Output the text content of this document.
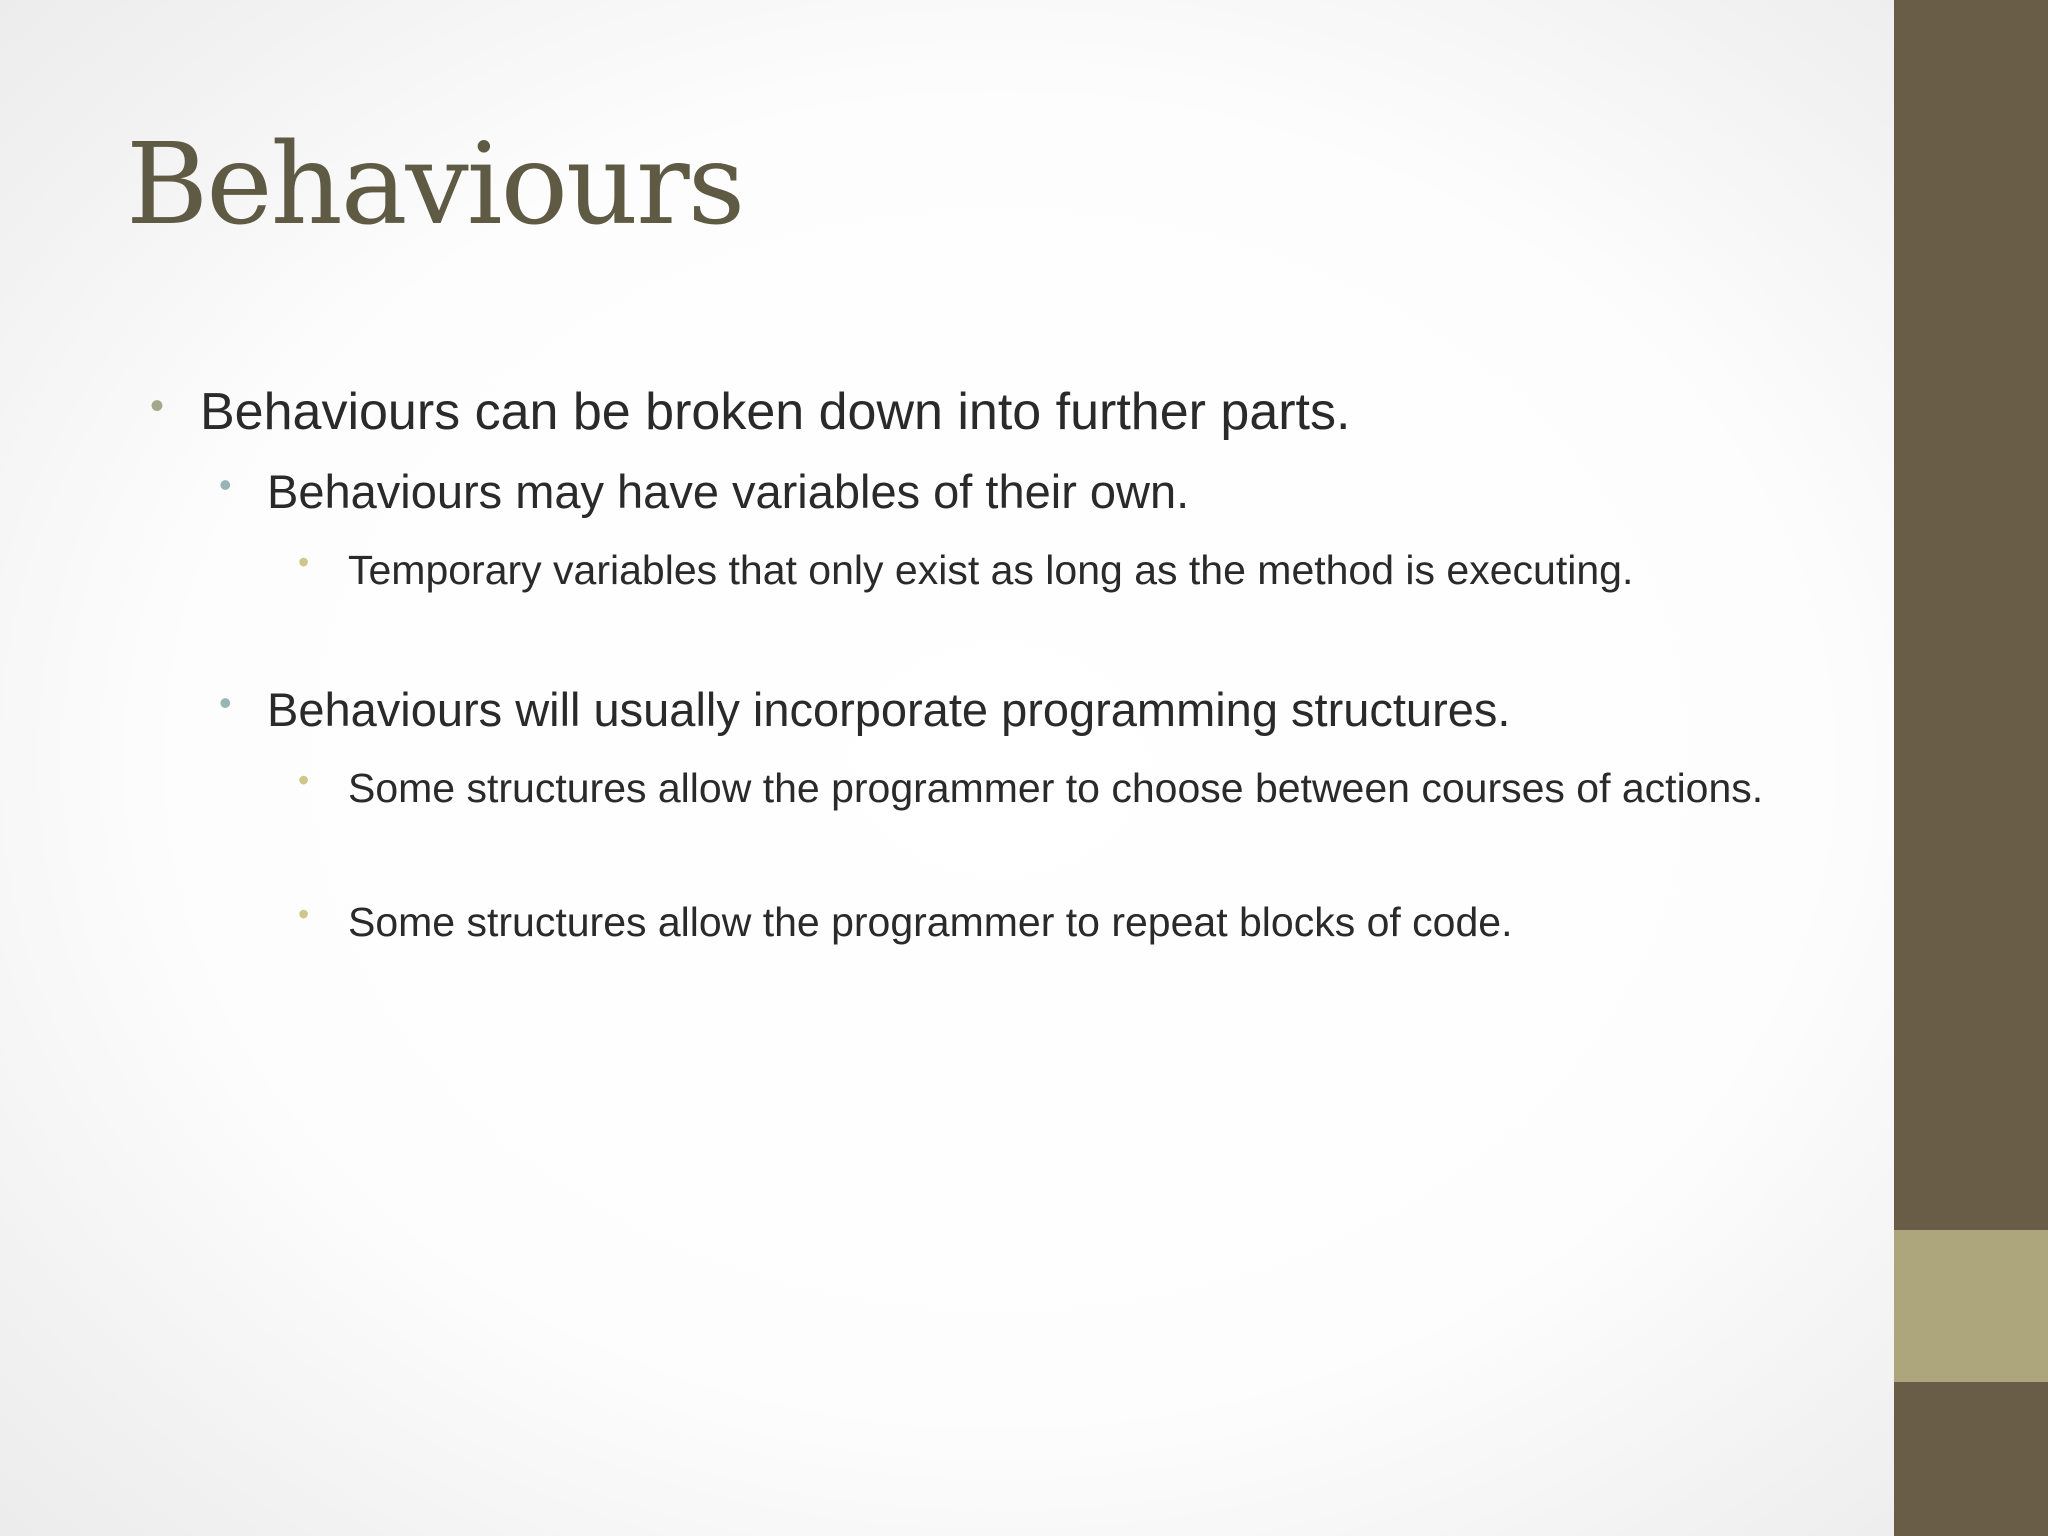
Behaviours
• Behaviours can be broken down into further parts.
• Behaviours may have variables of their own.
• Temporary variables that only exist as long as the method is executing.
• Behaviours will usually incorporate programming structures.
• Some structures allow the programmer to choose between courses of actions.
• Some structures allow the programmer to repeat blocks of code.
